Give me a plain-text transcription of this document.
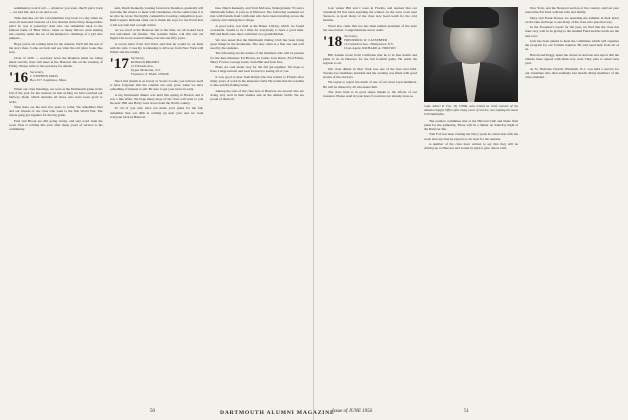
sentimental, took it tell — whatever you want, they'll put it back — we had fun, and so on and so on.

Time marches on! We can remember way back to a day when we were all seasoned veterans of a few months in the Navy. Respectable pals? So was it yesterday! And who can remember back to the famous battle of 'Blue Wave,' when so many fellows went skating into eternity under the ice of the Rushed to challenge of a girl who jumped...

Hope you're all coming back for the reunion. We'll tell the rest of the story then. Come on back and see what the old place looks like now.

Class of 1916 — secretary notes the Reunion plans are being made and the class will meet at the Hanover Inn on the evening of Friday. Please write to the secretary for details.

'16 Secretary,
J. STEPHEN MOSS
Box 257, Sagamore, Mass.

When our class meetings, we were at the Dartmouth game in the fall of the year for the reunion. In this writing we have reached our halfway mark, which includes all those who have been good to write.

Then there are the next few years to come. We remember Dan and our friends of our class who went to the first World War. The whole gang got together for the big game.

Fred and Brook are still going strong, and sent word from the coast. Pete is retiring this year after many years of service to his community.

unit, Dutch Kennedy, looking forward to Reunion, gradually will welcome the chance to meet with classmates. On the same letter it is he who he wrote 'the highly competitive bowling competition goes.' Ruth Capen's husband came out to thank the boys for the Fordi Rod to his son who had a rough winter.

As we stood at the Hanover Inn at the time, we all looked back and welcomed old friends. The Gamma Delta, Chi Phi and old Sigma Chi stood around talking over the last fifty years.

A recent letter from Ted Ward said that he would be on hand with his wife. Cross Ry is planning to drive up from New York with Walter and the family.

'17 Secretary,
DONALD BROOKS
12 Palisade Ave.,
Upper Montclair, N.J.
Treasurer, F. PAUL CHASE

Since this month is as lovely as Scotts woods, you fellows seem to have forgotten that the column can only grow when we have something of interest to tell. Be sure to get your news in early.

A big Dartmouth dinner was held this spring in Boston and it was a fine affair. We hope many more of the class will want to join the next. Bill and Harry were down from the North country.

To all of you who have not made your plans for the fall, remember that our 40th is coming up next year and we want everyone back in Hanover.

line, Dutch Kennedy, and Tom McCune, Pennsylvania '53 and a Dartmouth father, to join us at Hanover. The following weekend we met with friends from California who have been traveling across the country and visiting the College.

A good party was held at the Baker Library, which we found wonderful. Seems to be a time for everybody to have a good time. Bill and Ruth were there with their two grandchildren.

We also noted that the Dartmouth Outing Club has been doing great things in the mountains. The new cabin is a fine one and well used by the students.

The following are the names of the members who will be present for the June Reunion: Ed Brown, Al Cutter, Jack Davis, Fred Elliott, Harry Fowler, George Gates, Sam Hall and Tom Ives.

Plans are well under way for the fall get-together. We hope to have a large turnout and look forward to seeing all of you.

It was good to hear from Ralph who has retired to Florida after many years of work in the insurance field. He writes that the weather is fine and the fishing better.

Among the sons of the class now at Hanover are several who are doing very well in their studies and on the athletic fields. We are proud of them all.

50

Last winter Bill and I were in Florida, and learned that our classmate Ed has been spending his winters on the west coast near Sarasota. A good many of the class now head south for the cold months.

Word also came that Joe has been named president of the state bar association. Congratulations are in order.

'18 Secretary,
FREDERICK W. CASSEBEER
16 Cathedral Ave., Hempstead, N.Y.
Class Agent, RICHARD A. HOLTON

Bill Adams wrote from California that he is in fine health and plans to be in Hanover for the fall football game. He sends his regards to all.

Our class dinner in New York was one of the best ever held. Twenty-two members attended and the evening was filled with good stories of the old days.

We regret to report the death of one of our most loyal members. He will be missed by all who knew him.

The class fund is in good shape thanks to the efforts of our treasurer. Please send in your dues if you have not already done so.

Capt. Albert P. Fox '18, USNR, who retired as chief counsel of the Aviation Supply Office after many years of service, now making his home in Philadelphia.

The reunion committee met at the Harvard Club and made final plans for the gathering. There will be a dinner on Saturday night at the Hanover Inn.

Tom Fox has been visiting the Navy yards in connection with his work and says that he expects to be back for the reunion.

A number of the class have written to say that they will be driving up to Hanover and would be glad to give others a lift.

New York, and the Newport section of the country, and last year toured the Far West with his wife and family.

Mary and Frank Dorsey are spending the summer at their place on the lake and hope to see many of the class who pass that way.

In the Treasurer's report for the year, we find that the class has done very well in its giving to the Alumni Fund and the totals are the best ever.

Jack has been named to head the committee which will organize the program for our fortieth reunion. He will need help from all of us.

Harold and Peggy spent the winter in Arizona and report that the climate there agreed with them very well. They plan to return next year.

At St. Nicholas Church, Elizabeth, N.J., was held a service for our classmate who died suddenly last month. Many members of the class attended.

51
DARTMOUTH ALUMNI MAGAZINE
Issue of JUNE 1956
